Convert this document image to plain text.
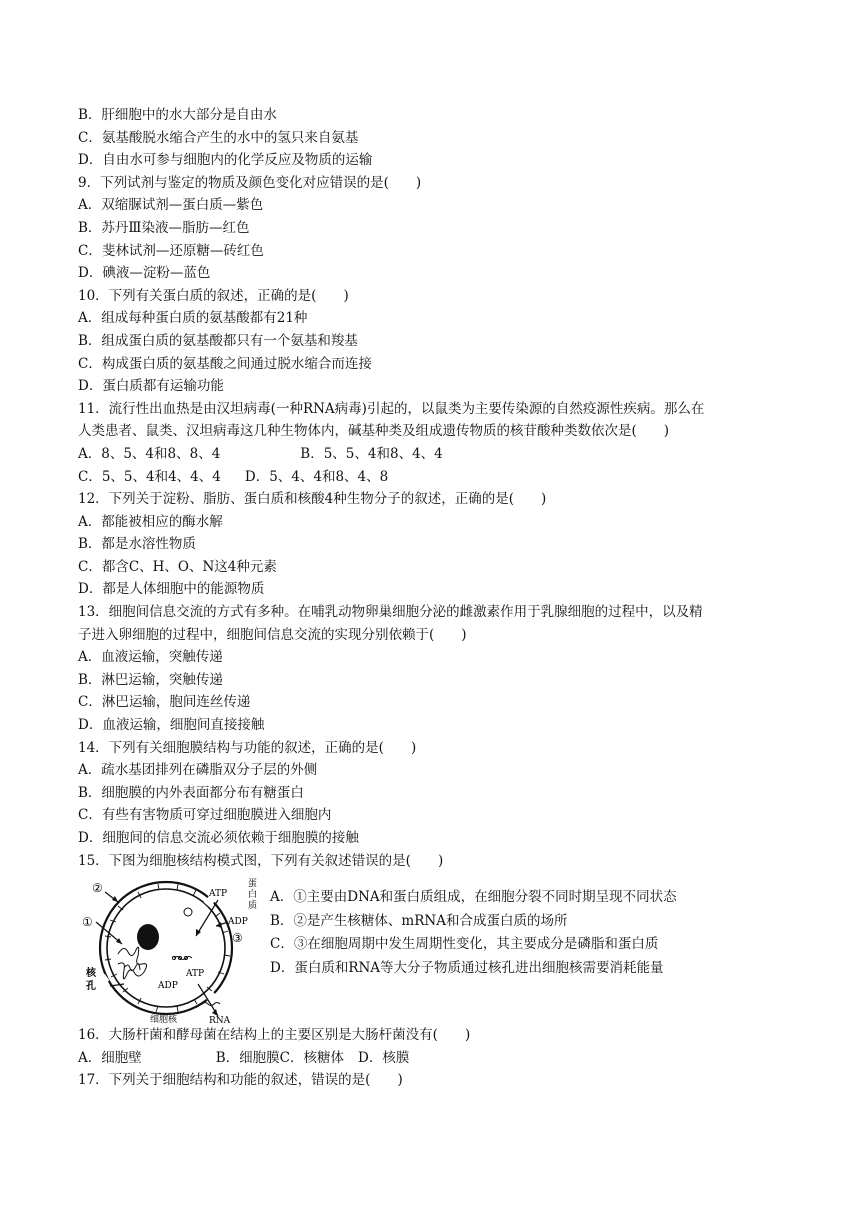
B．肝细胞中的水大部分是自由水
C．氨基酸脱水缩合产生的水中的氢只来自氨基
D．自由水可参与细胞内的化学反应及物质的运输
9．下列试剂与鉴定的物质及颜色变化对应错误的是(　　)
A．双缩脲试剂—蛋白质—紫色
B．苏丹Ⅲ染液—脂肪—红色
C．斐林试剂—还原糖—砖红色
D．碘液—淀粉—蓝色
10．下列有关蛋白质的叙述，正确的是(　　)
A．组成每种蛋白质的氨基酸都有21种
B．组成蛋白质的氨基酸都只有一个氨基和羧基
C．构成蛋白质的氨基酸之间通过脱水缩合而连接
D．蛋白质都有运输功能
11．流行性出血热是由汉坦病毒(一种RNA病毒)引起的，以鼠类为主要传染源的自然疫源性疾病。那么在
人类患者、鼠类、汉坦病毒这几种生物体内，碱基种类及组成遗传物质的核苷酸种类数依次是(　　)
A．8、5、4和8、8、4	B．5、5、4和8、4、4
C．5、5、4和4、4、4 D．5、4、4和8、4、8
12．下列关于淀粉、脂肪、蛋白质和核酸4种生物分子的叙述，正确的是(　　)
A．都能被相应的酶水解
B．都是水溶性物质
C．都含C、H、O、N这4种元素
D．都是人体细胞中的能源物质
13．细胞间信息交流的方式有多种。在哺乳动物卵巢细胞分泌的雌激素作用于乳腺细胞的过程中，以及精
子进入卵细胞的过程中，细胞间信息交流的实现分别依赖于(　　)
A．血液运输，突触传递
B．淋巴运输，突触传递
C．淋巴运输，胞间连丝传递
D．血液运输，细胞间直接接触
14．下列有关细胞膜结构与功能的叙述，正确的是(　　)
A．疏水基团排列在磷脂双分子层的外侧
B．细胞膜的内外表面都分布有糖蛋白
C．有些有害物质可穿过细胞膜进入细胞内
D．细胞间的信息交流必须依赖于细胞膜的接触
15．下图为细胞核结构模式图，下列有关叙述错误的是(　　)
②
①
③
ATP
ADP
蛋 白 质
ATP
ADP
RNA
核 孔
细胞核
A．①主要由DNA和蛋白质组成，在细胞分裂不同时期呈现不同状态
B．②是产生核糖体、mRNA和合成蛋白质的场所
C．③在细胞周期中发生周期性变化，其主要成分是磷脂和蛋白质
D．蛋白质和RNA等大分子物质通过核孔进出细胞核需要消耗能量
16．大肠杆菌和酵母菌在结构上的主要区别是大肠杆菌没有(　　)
A．细胞壁	B．细胞膜C．核糖体 D．核膜
17．下列关于细胞结构和功能的叙述，错误的是(　　)
